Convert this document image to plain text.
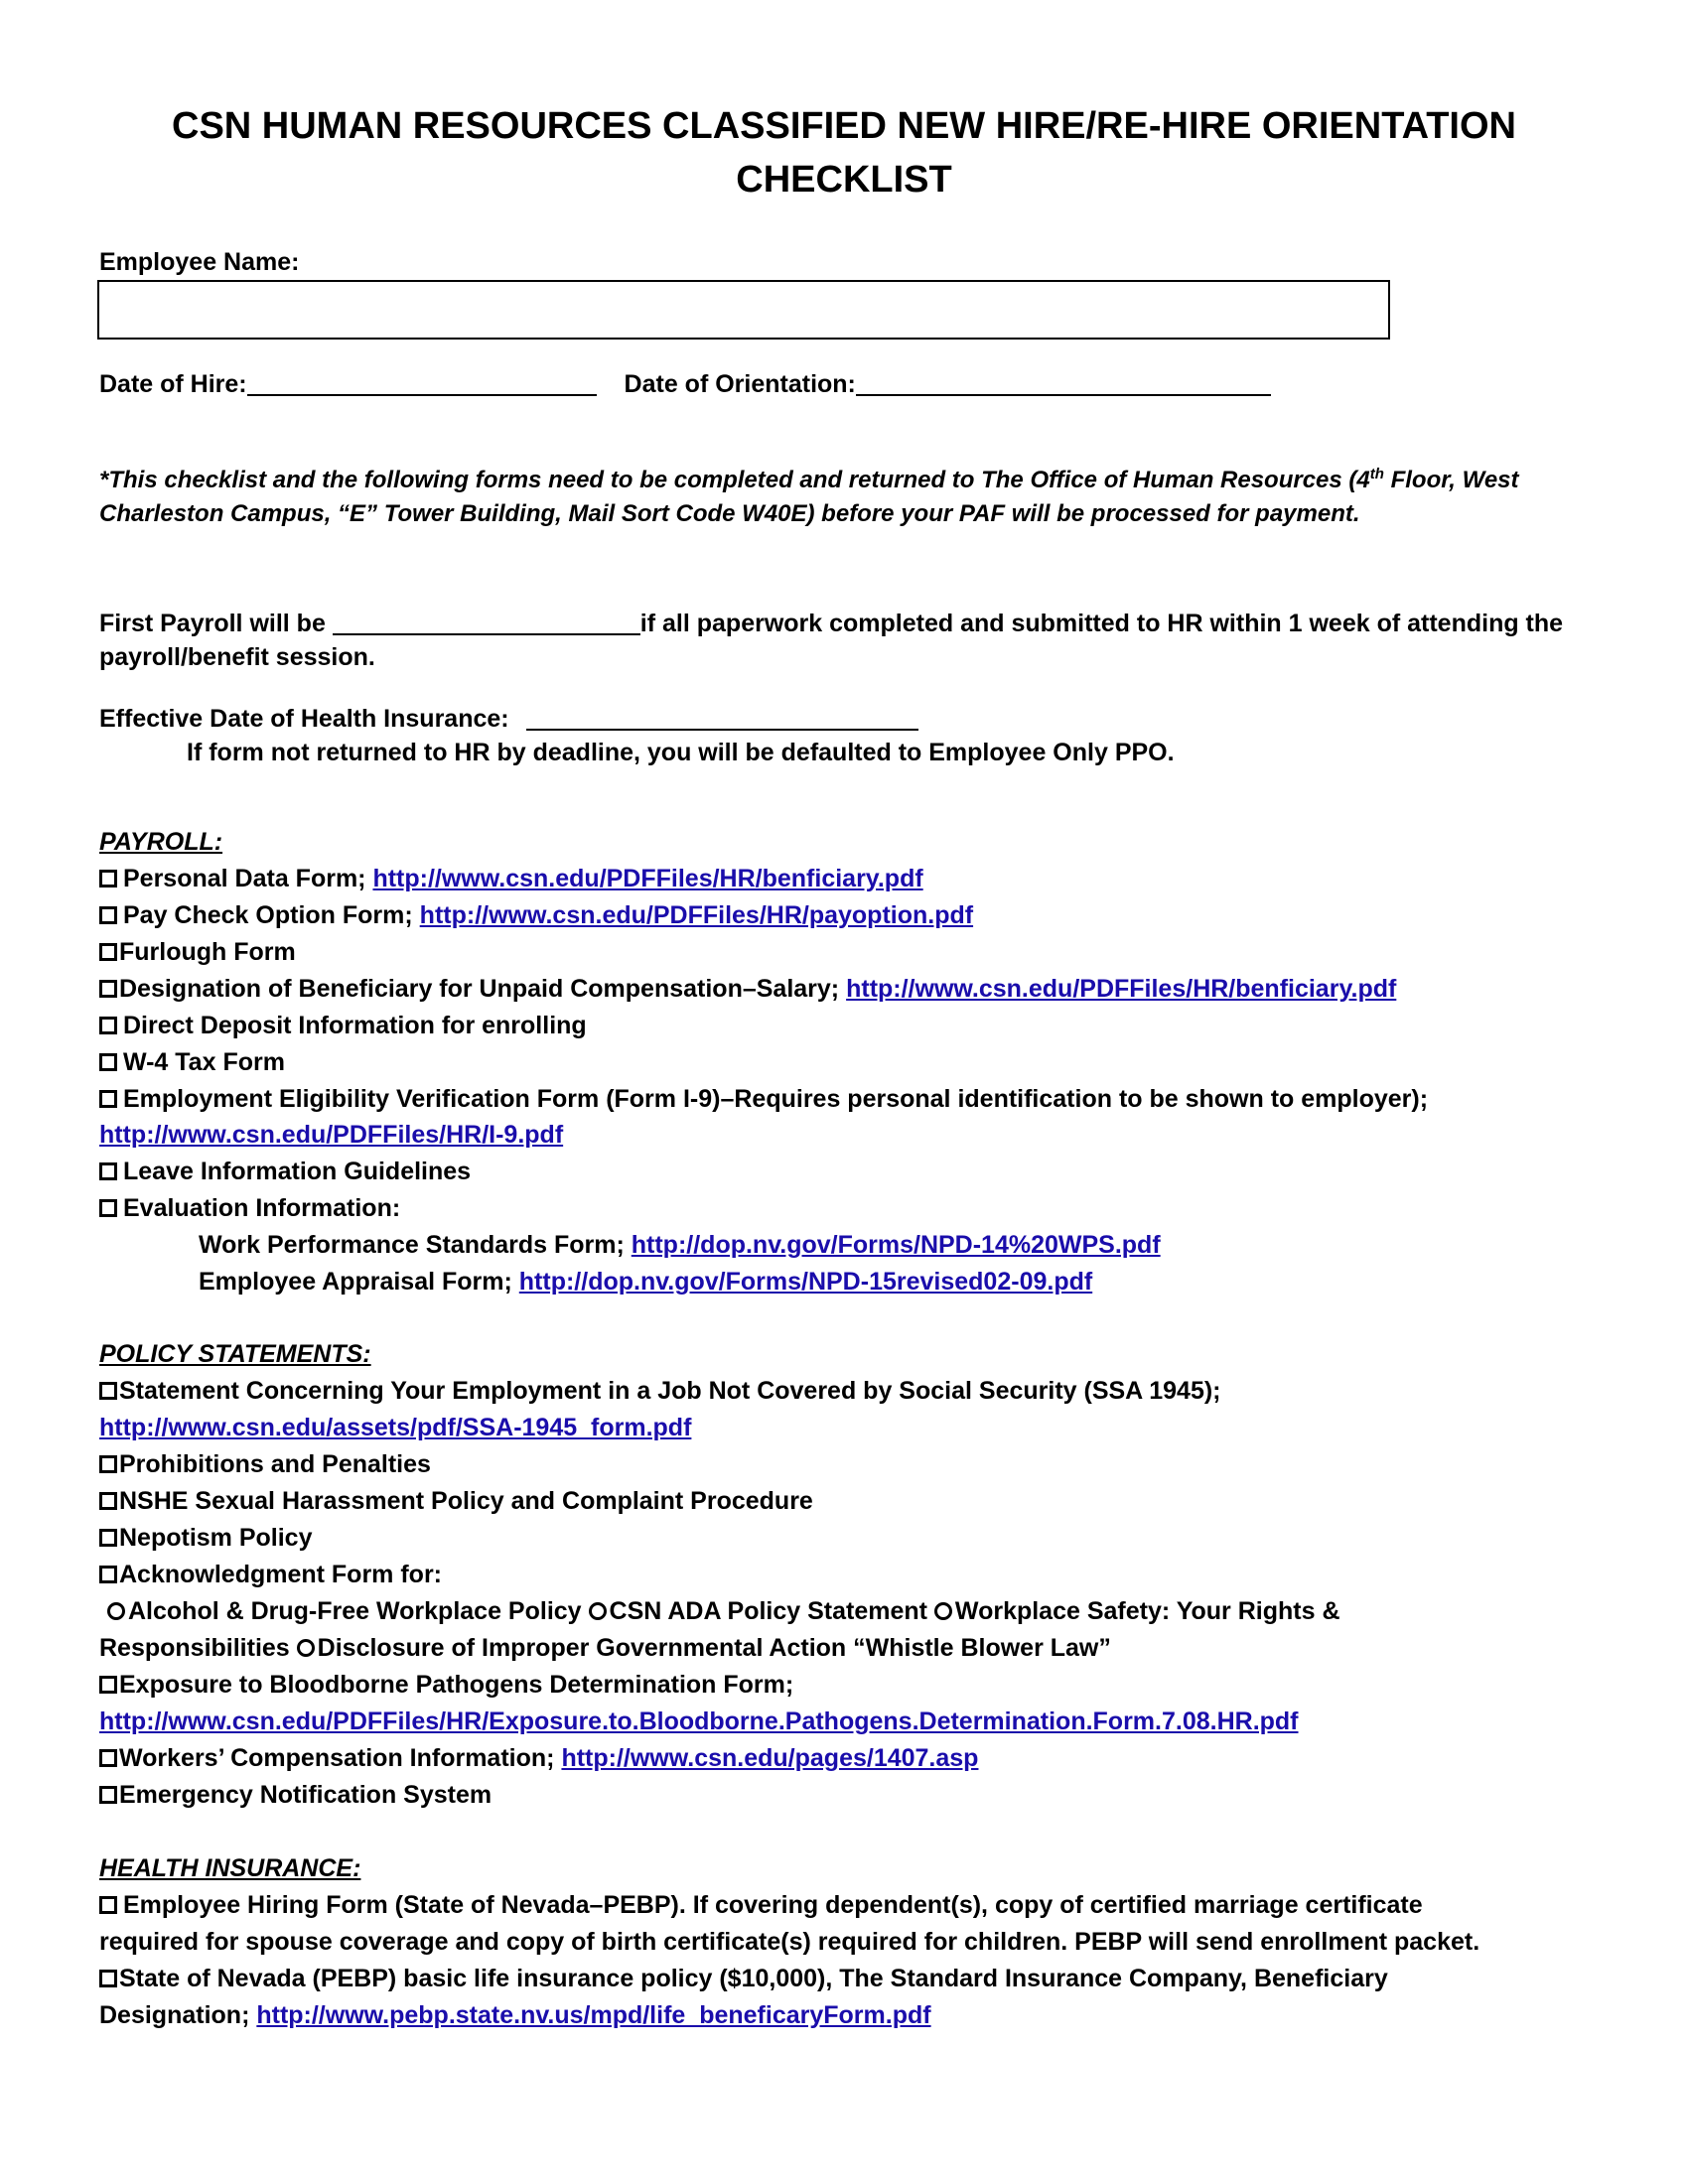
CSN HUMAN RESOURCES CLASSIFIED NEW HIRE/RE-HIRE ORIENTATION
CHECKLIST
Employee Name:
Date of Hire:	Date of Orientation:
*This checklist and the following forms need to be completed and returned to The Office of Human Resources (4th Floor, West Charleston Campus, “E” Tower Building, Mail Sort Code W40E) before your PAF will be processed for payment.
First Payroll will be	if all paperwork completed and submitted to HR within 1 week of attending the
payroll/benefit session.
Effective Date of Health Insurance:
If form not returned to HR by deadline, you will be defaulted to Employee Only PPO.
PAYROLL:
Personal Data Form; http://www.csn.edu/PDFFiles/HR/benficiary.pdf
Pay Check Option Form; http://www.csn.edu/PDFFiles/HR/payoption.pdf
Furlough Form
Designation of Beneficiary for Unpaid Compensation–Salary; http://www.csn.edu/PDFFiles/HR/benficiary.pdf
Direct Deposit Information for enrolling
W-4 Tax Form
Employment Eligibility Verification Form (Form I-9)–Requires personal identification to be shown to employer);
http://www.csn.edu/PDFFiles/HR/I-9.pdf
Leave Information Guidelines
Evaluation Information:
Work Performance Standards Form; http://dop.nv.gov/Forms/NPD-14%20WPS.pdf
Employee Appraisal Form; http://dop.nv.gov/Forms/NPD-15revised02-09.pdf
POLICY STATEMENTS:
Statement Concerning Your Employment in a Job Not Covered by Social Security (SSA 1945);
http://www.csn.edu/assets/pdf/SSA-1945_form.pdf
Prohibitions and Penalties
NSHE Sexual Harassment Policy and Complaint Procedure
Nepotism Policy
Acknowledgment Form for:
Alcohol & Drug-Free Workplace Policy CSN ADA Policy Statement Workplace Safety: Your Rights &
Responsibilities Disclosure of Improper Governmental Action “Whistle Blower Law”
Exposure to Bloodborne Pathogens Determination Form;
http://www.csn.edu/PDFFiles/HR/Exposure.to.Bloodborne.Pathogens.Determination.Form.7.08.HR.pdf
Workers’ Compensation Information; http://www.csn.edu/pages/1407.asp
Emergency Notification System
HEALTH INSURANCE:
Employee Hiring Form (State of Nevada–PEBP). If covering dependent(s), copy of certified marriage certificate
required for spouse coverage and copy of birth certificate(s) required for children. PEBP will send enrollment packet.
State of Nevada (PEBP) basic life insurance policy ($10,000), The Standard Insurance Company, Beneficiary
Designation; http://www.pebp.state.nv.us/mpd/life_beneficaryForm.pdf
